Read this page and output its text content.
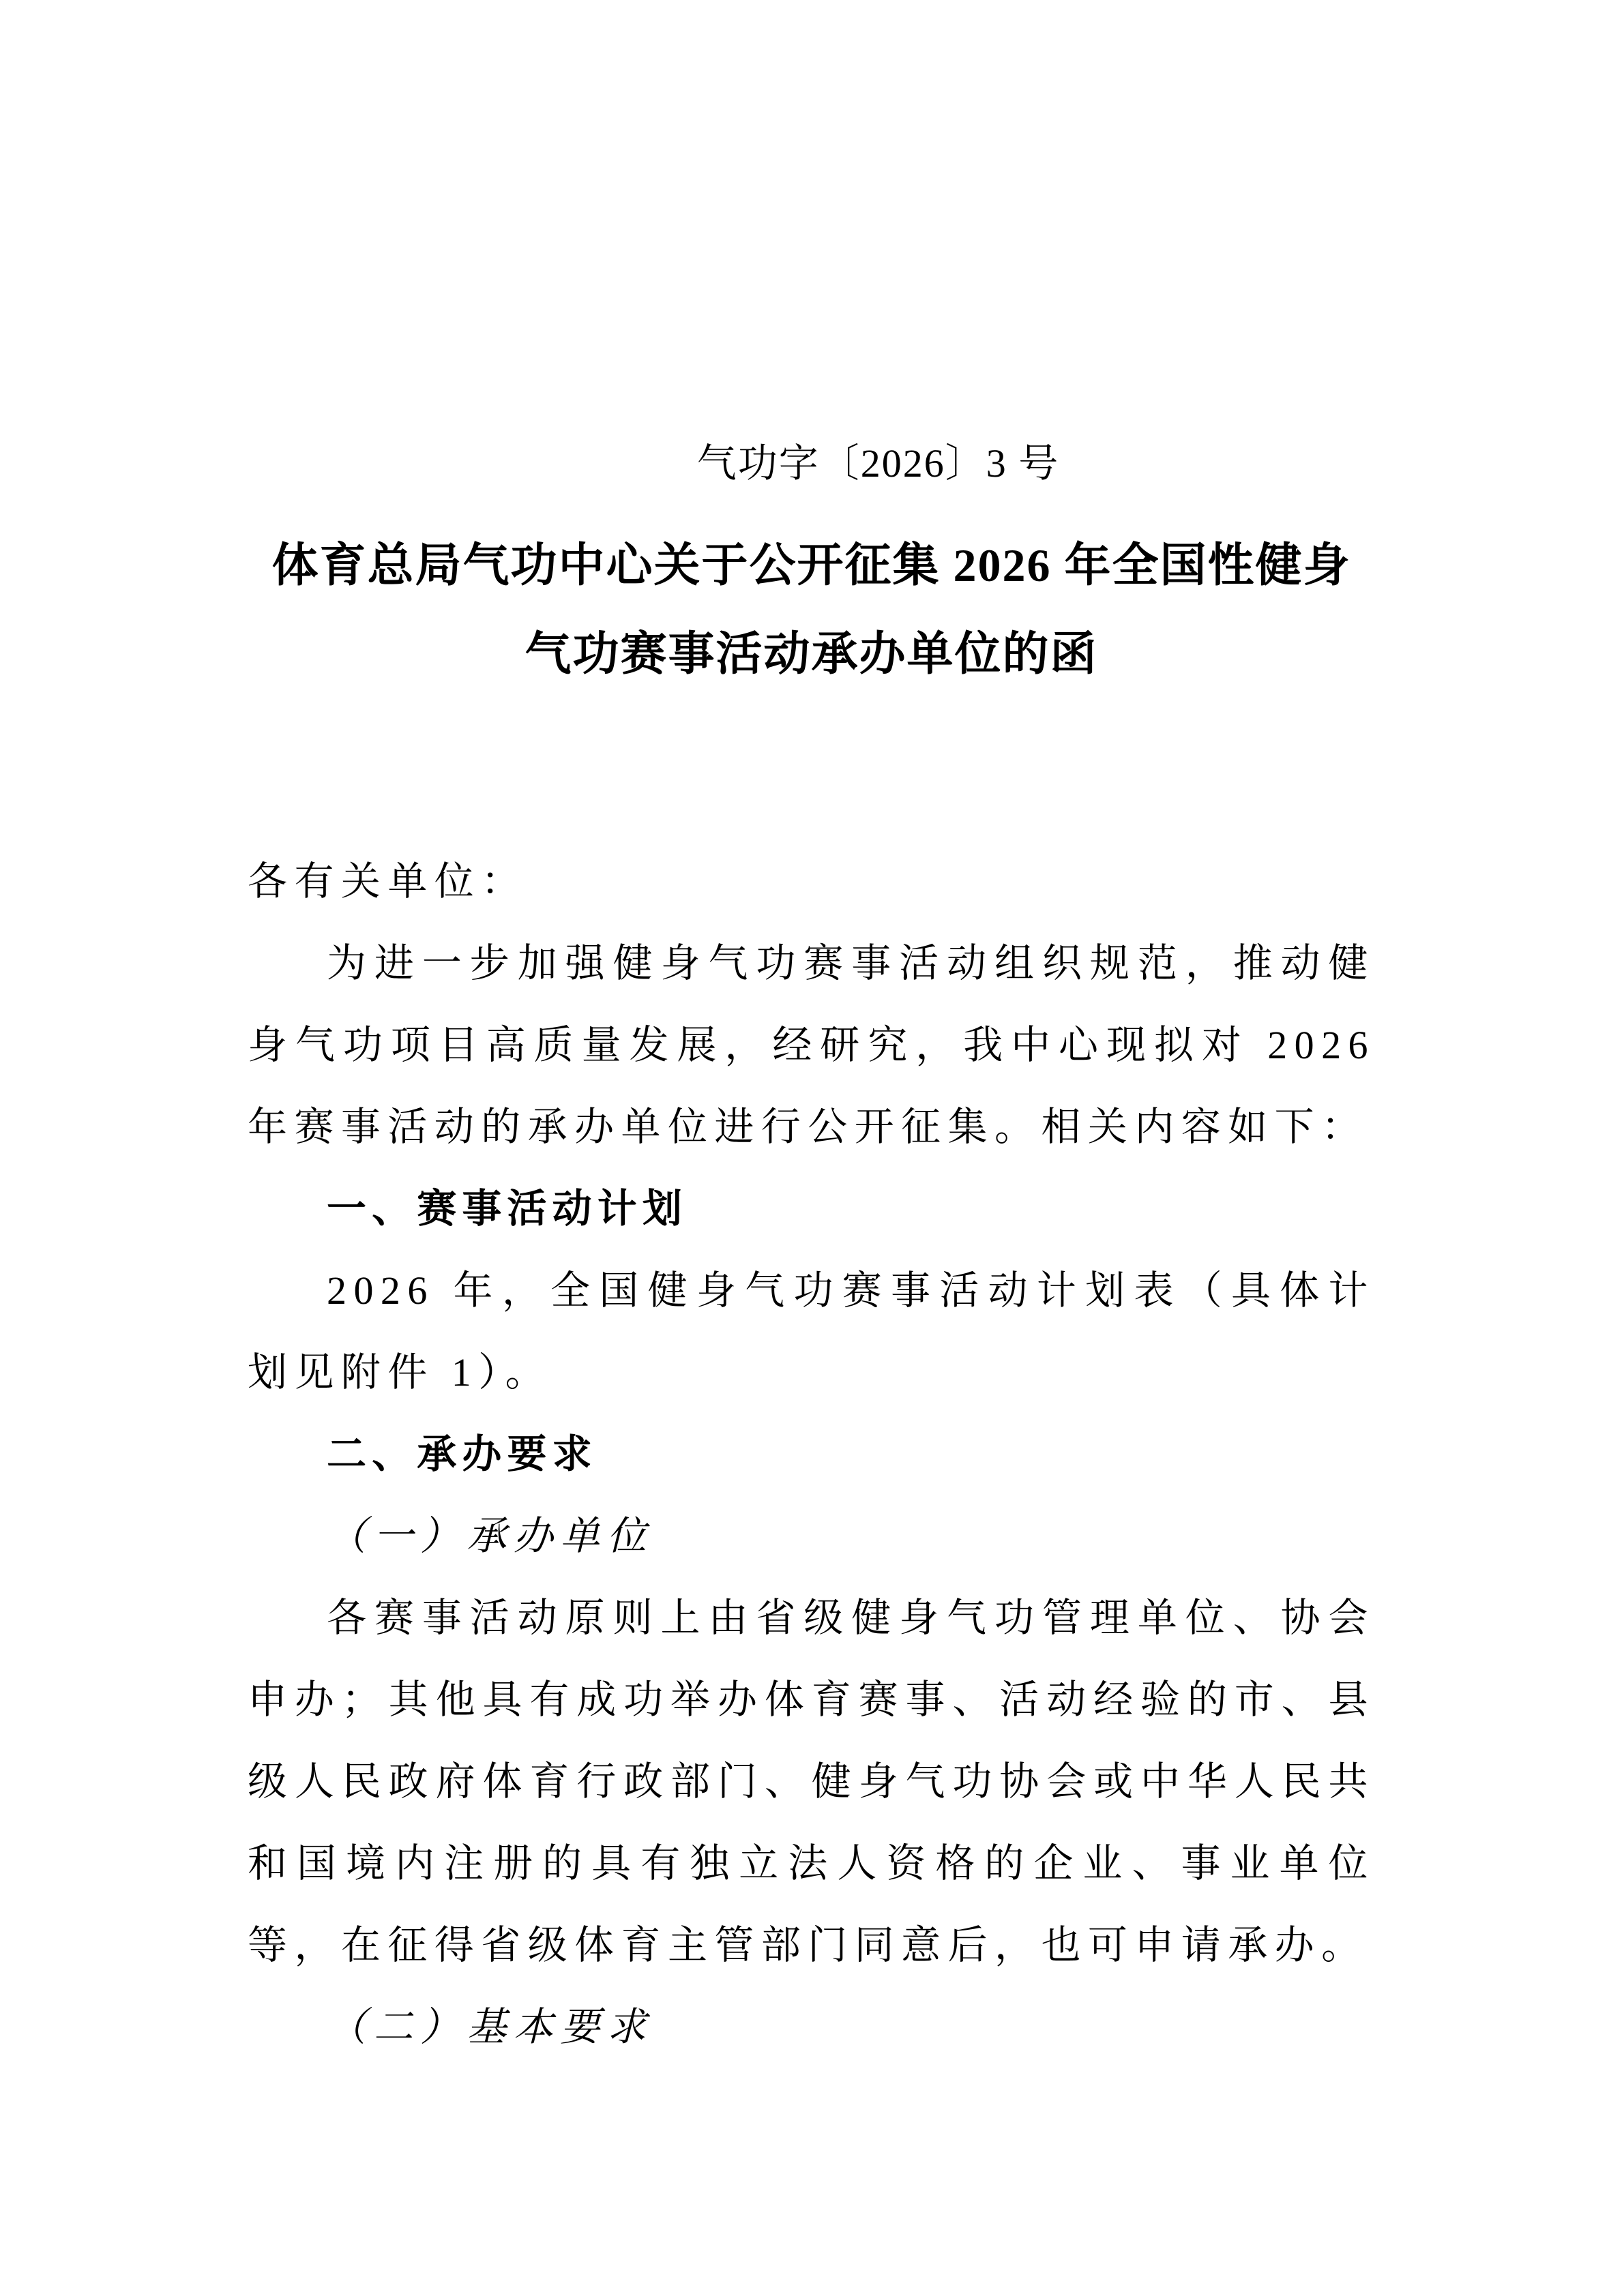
气功字〔2026〕3 号
体育总局气功中心关于公开征集 2026 年全国性健身
气功赛事活动承办单位的函

各有关单位：

为进一步加强健身气功赛事活动组织规范，推动健身气功项目高质量发展，经研究，我中心现拟对 2026 年赛事活动的承办单位进行公开征集。相关内容如下：

一、赛事活动计划

2026 年，全国健身气功赛事活动计划表（具体计划见附件 1）。

二、承办要求

（一）承办单位

各赛事活动原则上由省级健身气功管理单位、协会申办；其他具有成功举办体育赛事、活动经验的市、县级人民政府体育行政部门、健身气功协会或中华人民共和国境内注册的具有独立法人资格的企业、事业单位等，在征得省级体育主管部门同意后，也可申请承办。

（二）基本要求
